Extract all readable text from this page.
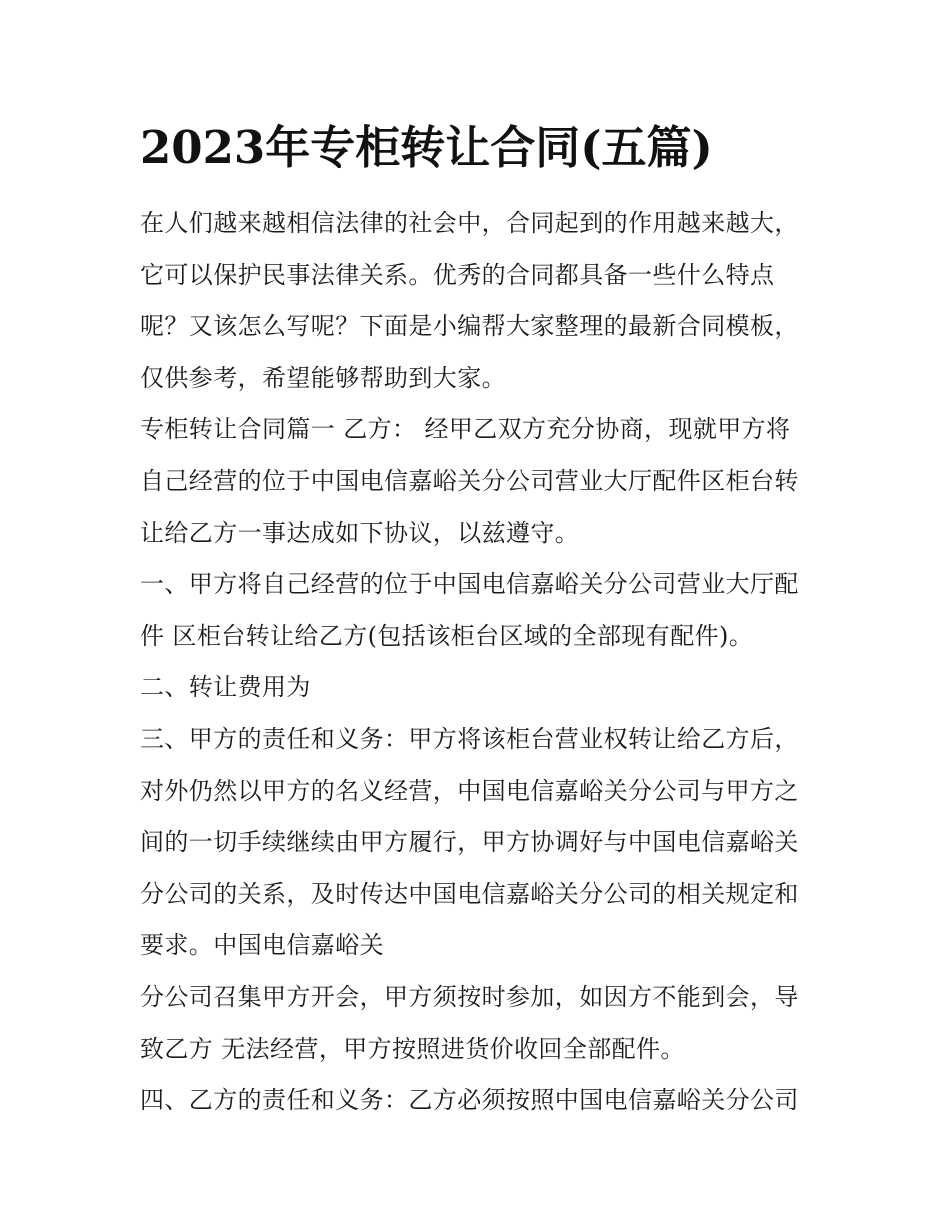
2023年专柜转让合同(五篇)
在人们越来越相信法律的社会中，合同起到的作用越来越大，
它可以保护民事法律关系。优秀的合同都具备一些什么特点
呢？又该怎么写呢？下面是小编帮大家整理的最新合同模板，
仅供参考，希望能够帮助到大家。
专柜转让合同篇一 乙方： 经甲乙双方充分协商，现就甲方将
自己经营的位于中国电信嘉峪关分公司营业大厅配件区柜台转
让给乙方一事达成如下协议，以兹遵守。
一、甲方将自己经营的位于中国电信嘉峪关分公司营业大厅配
件 区柜台转让给乙方(包括该柜台区域的全部现有配件)。
二、转让费用为
三、甲方的责任和义务：甲方将该柜台营业权转让给乙方后，
对外仍然以甲方的名义经营，中国电信嘉峪关分公司与甲方之
间的一切手续继续由甲方履行，甲方协调好与中国电信嘉峪关
分公司的关系，及时传达中国电信嘉峪关分公司的相关规定和
要求。中国电信嘉峪关
分公司召集甲方开会，甲方须按时参加，如因方不能到会，导
致乙方 无法经营，甲方按照进货价收回全部配件。
四、乙方的责任和义务：乙方必须按照中国电信嘉峪关分公司
